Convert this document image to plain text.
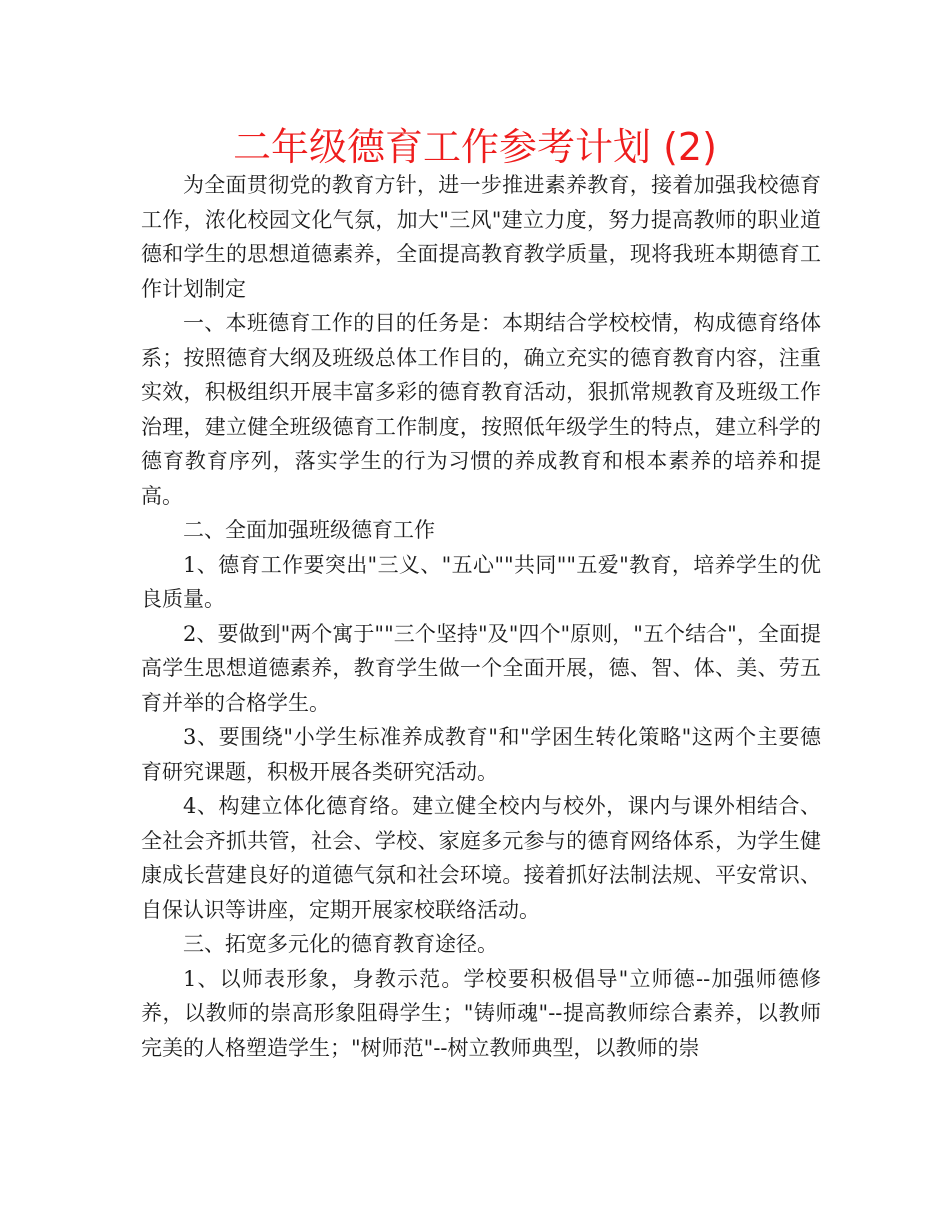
二年级德育工作参考计划 (2)

为全面贯彻党的教育方针，进一步推进素养教育，接着加强我校德育工作，浓化校园文化气氛，加大"三风"建立力度，努力提高教师的职业道德和学生的思想道德素养，全面提高教育教学质量，现将我班本期德育工作计划制定

一、本班德育工作的目的任务是：本期结合学校校情，构成德育络体系；按照德育大纲及班级总体工作目的，确立充实的德育教育内容，注重实效，积极组织开展丰富多彩的德育教育活动，狠抓常规教育及班级工作治理，建立健全班级德育工作制度，按照低年级学生的特点，建立科学的德育教育序列，落实学生的行为习惯的养成教育和根本素养的培养和提高。

二、全面加强班级德育工作

1、德育工作要突出"三义、"五心""共同""五爱"教育，培养学生的优良质量。

2、要做到"两个寓于""三个坚持"及"四个"原则，"五个结合"，全面提高学生思想道德素养，教育学生做一个全面开展，德、智、体、美、劳五育并举的合格学生。

3、要围绕"小学生标准养成教育"和"学困生转化策略"这两个主要德育研究课题，积极开展各类研究活动。

4、构建立体化德育络。建立健全校内与校外，课内与课外相结合、全社会齐抓共管，社会、学校、家庭多元参与的德育网络体系，为学生健康成长营建良好的道德气氛和社会环境。接着抓好法制法规、平安常识、自保认识等讲座，定期开展家校联络活动。

三、拓宽多元化的德育教育途径。

1、以师表形象，身教示范。学校要积极倡导"立师德--加强师德修养，以教师的崇高形象阻碍学生；"铸师魂"--提高教师综合素养，以教师完美的人格塑造学生；"树师范"--树立教师典型，以教师的崇
